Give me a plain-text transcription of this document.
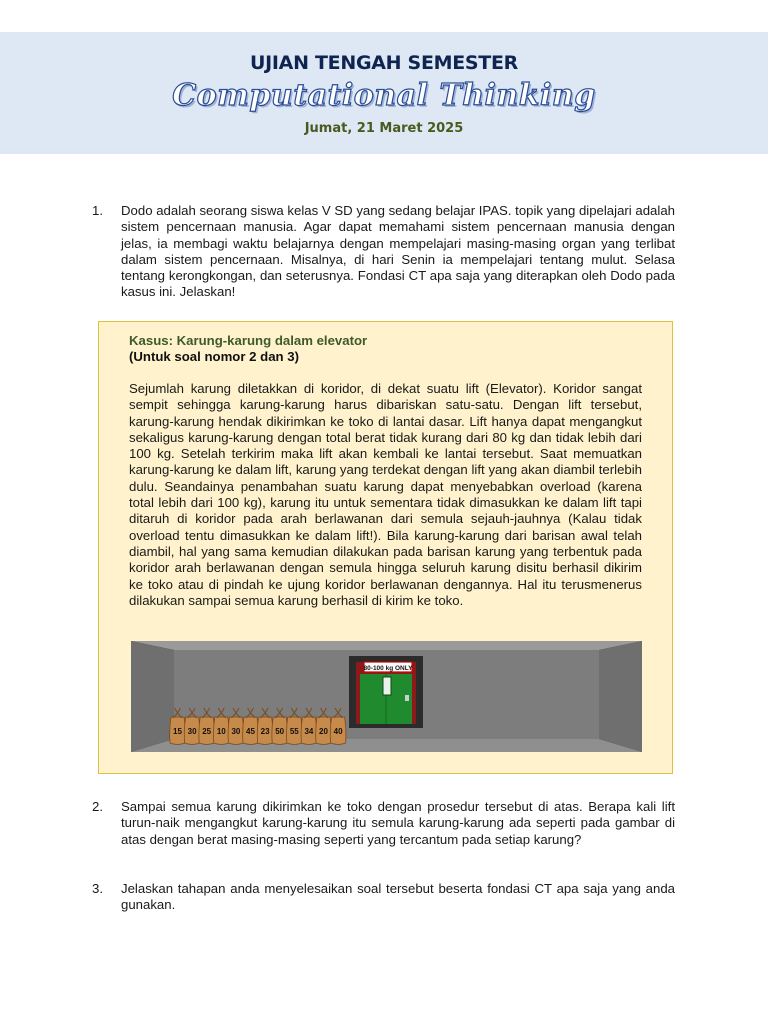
UJIAN TENGAH SEMESTER
Computational Thinking
Jumat, 21 Maret 2025
1. Dodo adalah seorang siswa kelas V SD yang sedang belajar IPAS. topik yang dipelajari adalah sistem pencernaan manusia. Agar dapat memahami sistem pencernaan manusia dengan jelas, ia membagi waktu belajarnya dengan mempelajari masing-masing organ yang terlibat dalam sistem pencernaan. Misalnya, di hari Senin ia mempelajari tentang mulut. Selasa tentang kerongkongan, dan seterusnya. Fondasi CT apa saja yang diterapkan oleh Dodo pada kasus ini. Jelaskan!
Kasus: Karung-karung dalam elevator
(Untuk soal nomor 2 dan 3)
Sejumlah karung diletakkan di koridor, di dekat suatu lift (Elevator). Koridor sangat sempit sehingga karung-karung harus dibariskan satu-satu. Dengan lift tersebut, karung-karung hendak dikirimkan ke toko di lantai dasar. Lift hanya dapat mengangkut sekaligus karung-karung dengan total berat tidak kurang dari 80 kg dan tidak lebih dari 100 kg. Setelah terkirim maka lift akan kembali ke lantai tersebut. Saat memuatkan karung-karung ke dalam lift, karung yang terdekat dengan lift yang akan diambil terlebih dulu. Seandainya penambahan suatu karung dapat menyebabkan overload (karena total lebih dari 100 kg), karung itu untuk sementara tidak dimasukkan ke dalam lift tapi ditaruh di koridor pada arah berlawanan dari semula sejauh-jauhnya (Kalau tidak overload tentu dimasukkan ke dalam lift!). Bila karung-karung dari barisan awal telah diambil, hal yang sama kemudian dilakukan pada barisan karung yang terbentuk pada koridor arah berlawanan dengan semula hingga seluruh karung disitu berhasil dikirim ke toko atau di pindah ke ujung koridor berlawanan dengannya. Hal itu terusmenerus dilakukan sampai semua karung berhasil di kirim ke toko.
80-100 kg ONLY
15 30 25 10 30 45 23 50 55 34 20 40
2. Sampai semua karung dikirimkan ke toko dengan prosedur tersebut di atas. Berapa kali lift turun-naik mengangkut karung-karung itu semula karung-karung ada seperti pada gambar di atas dengan berat masing-masing seperti yang tercantum pada setiap karung?
3. Jelaskan tahapan anda menyelesaikan soal tersebut beserta fondasi CT apa saja yang anda gunakan.
